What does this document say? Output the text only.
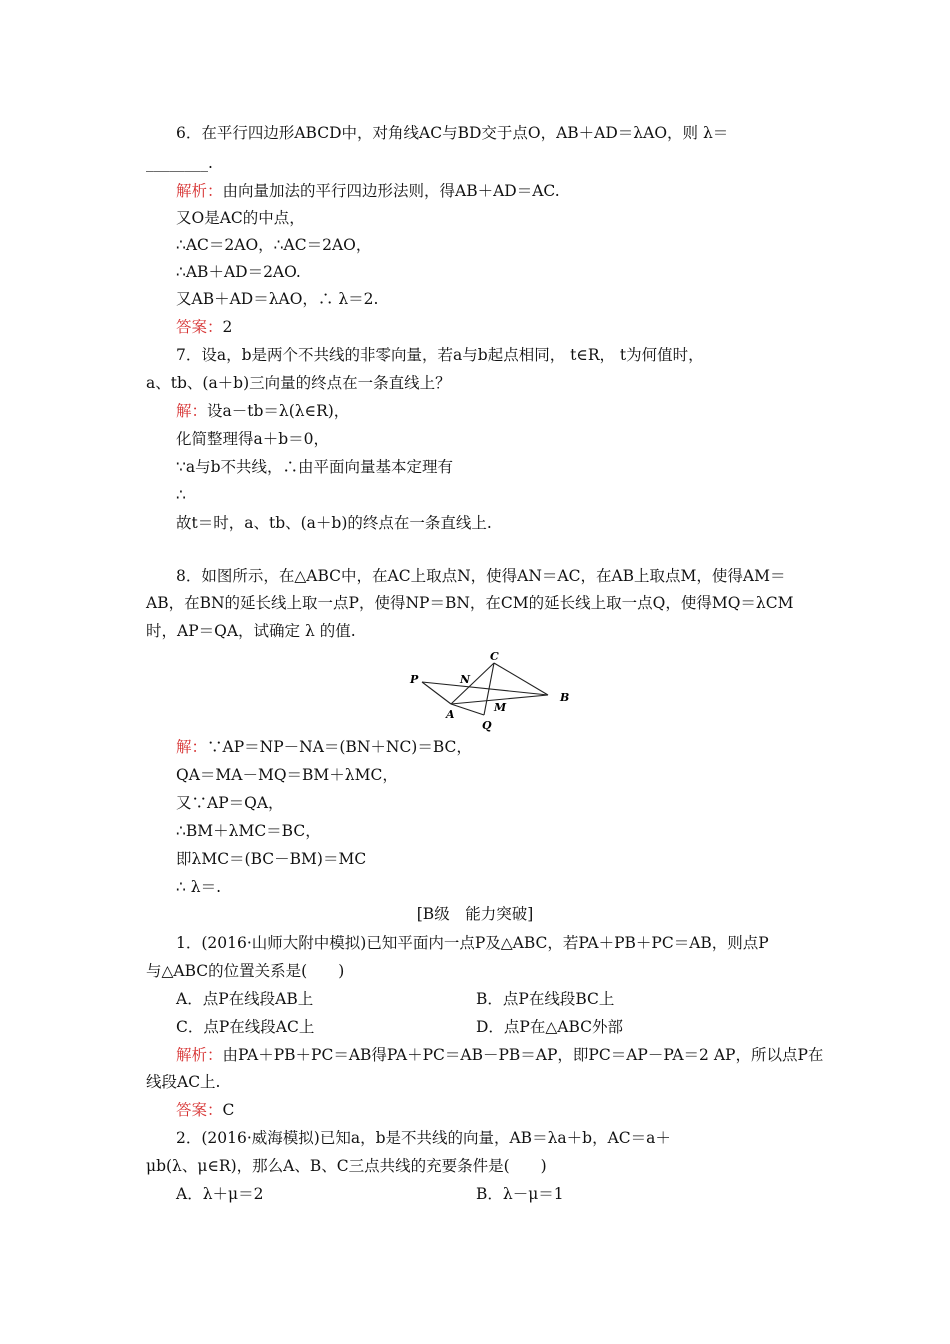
6．在平行四边形ABCD中，对角线AC与BD交于点O，AB＋AD＝λAO，则 λ＝
________.
解析：由向量加法的平行四边形法则，得AB＋AD＝AC.
又O是AC的中点，
∴AC＝2AO，∴AC＝2AO，
∴AB＋AD＝2AO.
又AB＋AD＝λAO，∴ λ＝2.
答案：2
7．设a，b是两个不共线的非零向量，若a与b起点相同， t∈R， t为何值时，
a、tb、(a＋b)三向量的终点在一条直线上？
解：设a－tb＝λ(λ∈R)，
化简整理得a＋b＝0，
∵a与b不共线，∴由平面向量基本定理有
∴
故t＝时，a、tb、(a＋b)的终点在一条直线上.
8．如图所示，在△ABC中，在AC上取点N，使得AN＝AC，在AB上取点M，使得AM＝
AB，在BN的延长线上取一点P，使得NP＝BN，在CM的延长线上取一点Q，使得MQ＝λCM
时，AP＝QA，试确定 λ 的值.
P
C
N
B
A
M
Q
解：∵AP＝NP－NA＝(BN＋NC)＝BC，
QA＝MA－MQ＝BM＋λMC，
又∵AP＝QA，
∴BM＋λMC＝BC，
即λMC＝(BC－BM)＝MC
∴ λ＝.
[B级　能力突破]
1．(2016·山师大附中模拟)已知平面内一点P及△ABC，若PA＋PB＋PC＝AB，则点P
与△ABC的位置关系是(　　)
A．点P在线段AB上	B．点P在线段BC上
C．点P在线段AC上	D．点P在△ABC外部
解析：由PA＋PB＋PC＝AB得PA＋PC＝AB－PB＝AP，即PC＝AP－PA＝2 AP，所以点P在
线段AC上.
答案：C
2．(2016·威海模拟)已知a，b是不共线的向量，AB＝λa＋b，AC＝a＋
μb(λ、μ∈R)，那么A、B、C三点共线的充要条件是(　　)
A．λ＋μ＝2	B．λ－μ＝1
